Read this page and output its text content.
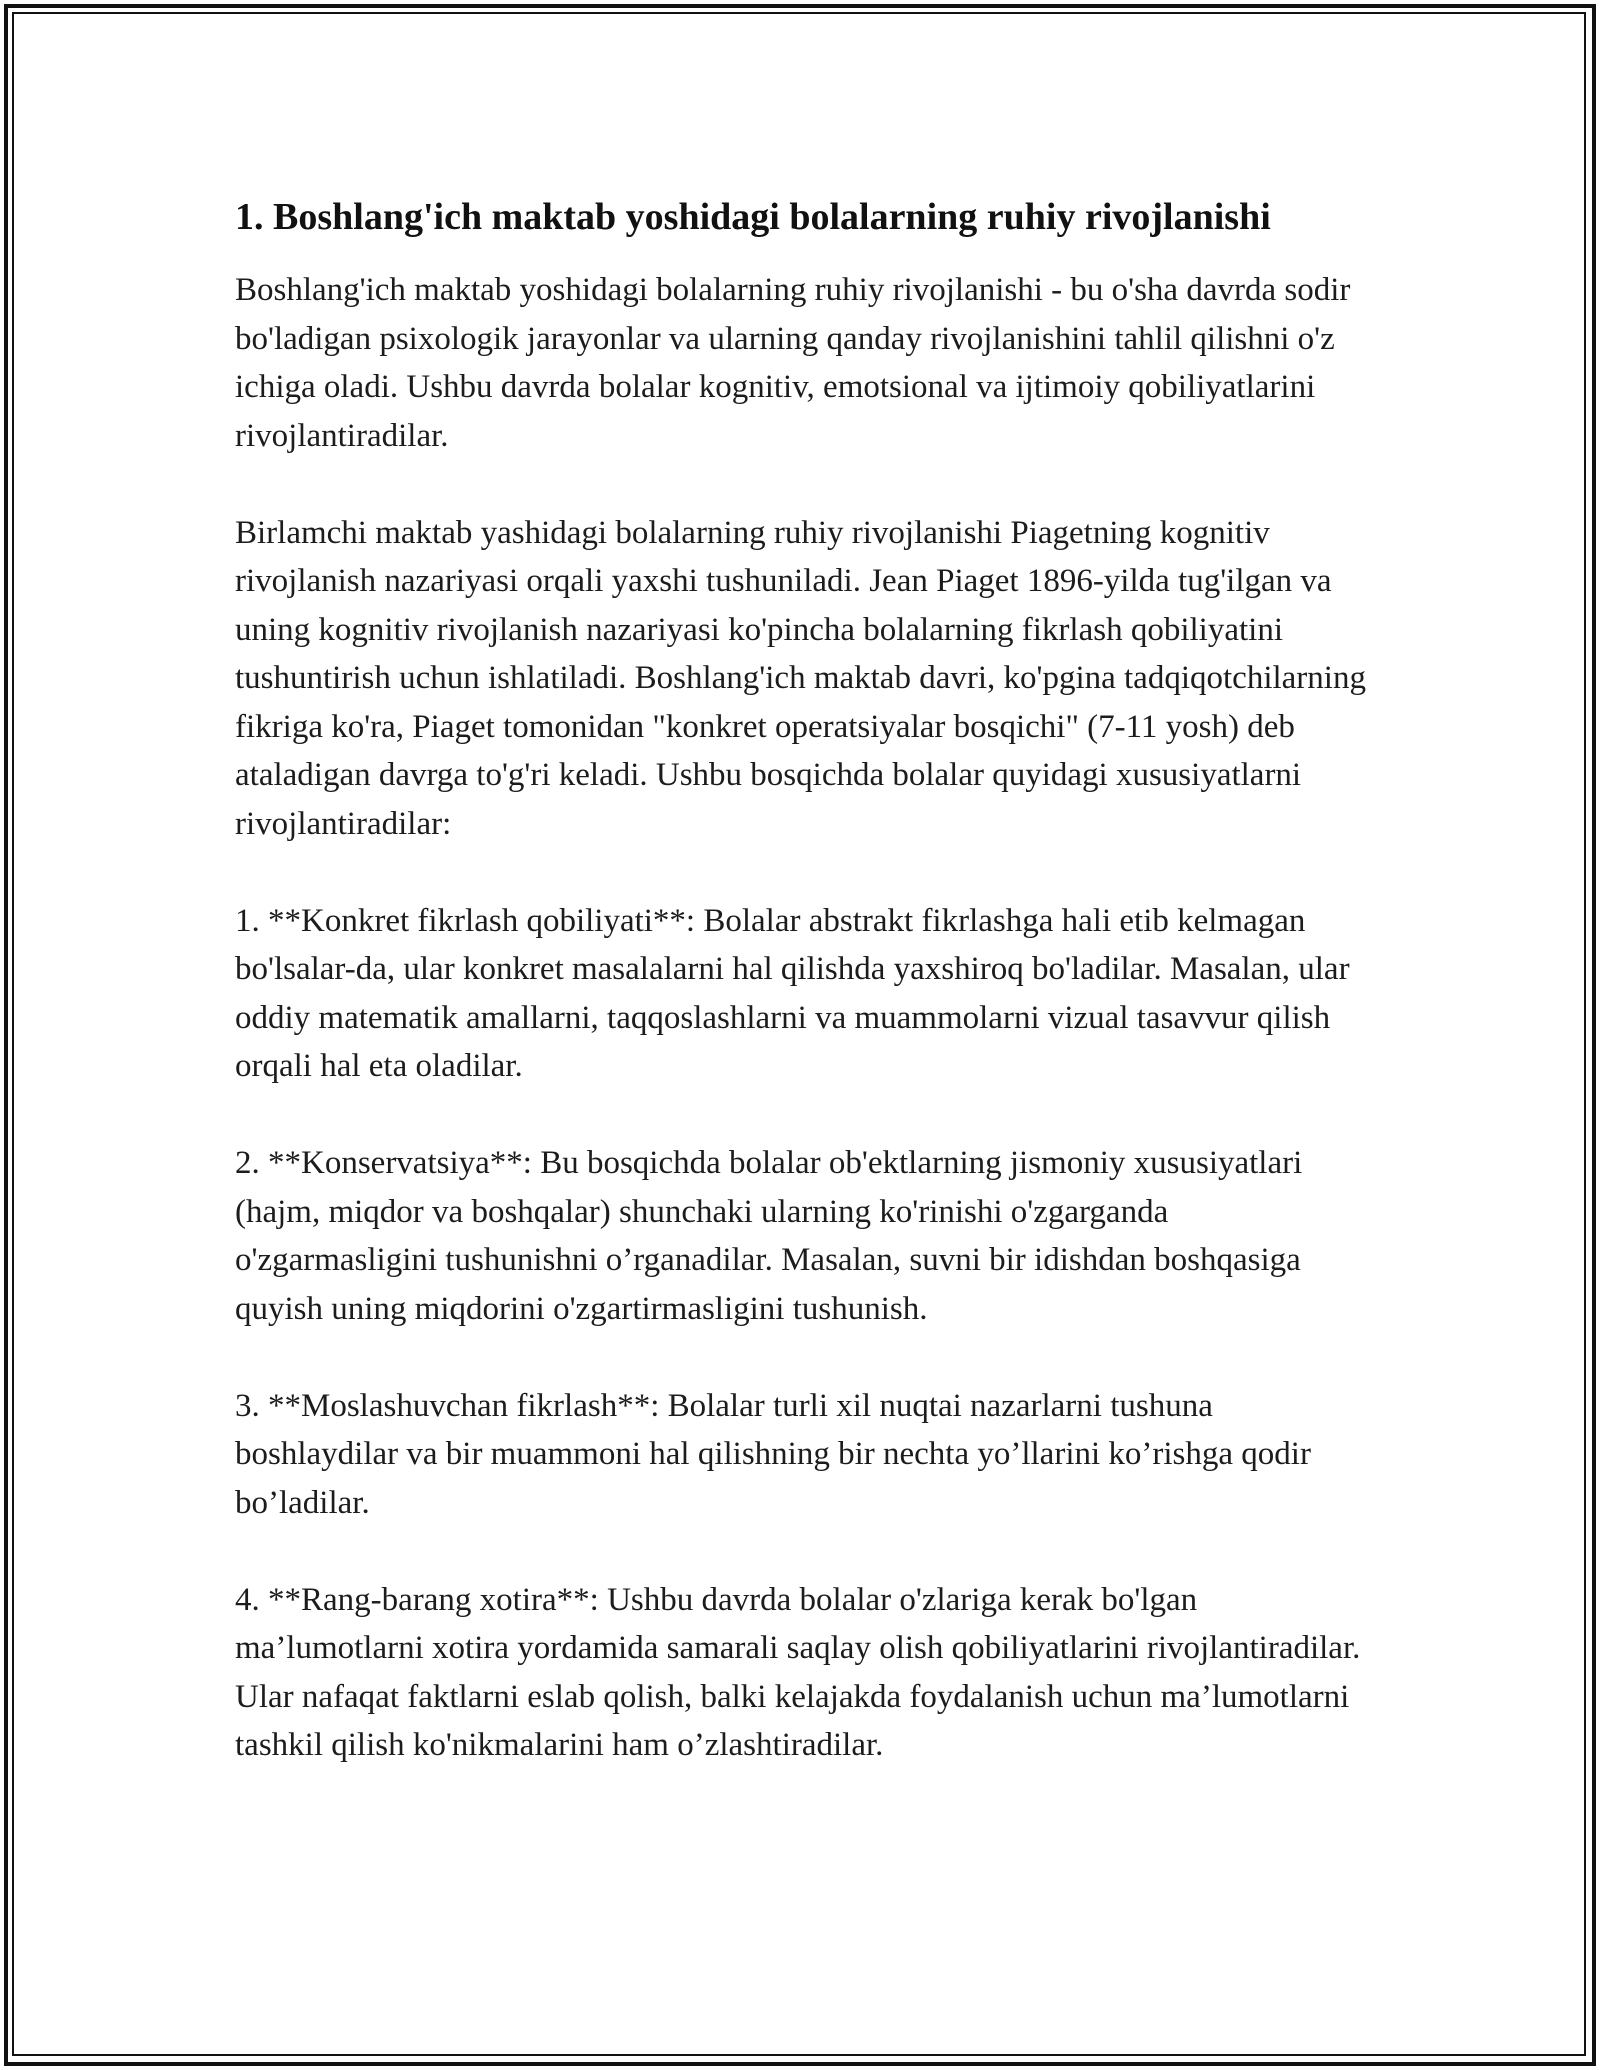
1. Boshlang'ich maktab yoshidagi bolalarning ruhiy rivojlanishi

Boshlang'ich maktab yoshidagi bolalarning ruhiy rivojlanishi - bu o'sha davrda sodir bo'ladigan psixologik jarayonlar va ularning qanday rivojlanishini tahlil qilishni o'z ichiga oladi. Ushbu davrda bolalar kognitiv, emotsional va ijtimoiy qobiliyatlarini rivojlantiradilar.

Birlamchi maktab yashidagi bolalarning ruhiy rivojlanishi Piagetning kognitiv rivojlanish nazariyasi orqali yaxshi tushuniladi. Jean Piaget 1896-yilda tug'ilgan va uning kognitiv rivojlanish nazariyasi ko'pincha bolalarning fikrlash qobiliyatini tushuntirish uchun ishlatiladi. Boshlang'ich maktab davri, ko'pgina tadqiqotchilarning fikriga ko'ra, Piaget tomonidan "konkret operatsiyalar bosqichi" (7-11 yosh) deb ataladigan davrga to'g'ri keladi. Ushbu bosqichda bolalar quyidagi xususiyatlarni rivojlantiradilar:

1. **Konkret fikrlash qobiliyati**: Bolalar abstrakt fikrlashga hali etib kelmagan bo'lsalar-da, ular konkret masalalarni hal qilishda yaxshiroq bo'ladilar. Masalan, ular oddiy matematik amallarni, taqqoslashlarni va muammolarni vizual tasavvur qilish orqali hal eta oladilar.

2. **Konservatsiya**: Bu bosqichda bolalar ob'ektlarning jismoniy xususiyatlari (hajm, miqdor va boshqalar) shunchaki ularning ko'rinishi o'zgarganda o'zgarmasligini tushunishni o’rganadilar. Masalan, suvni bir idishdan boshqasiga quyish uning miqdorini o'zgartirmasligini tushunish.

3. **Moslashuvchan fikrlash**: Bolalar turli xil nuqtai nazarlarni tushuna boshlaydilar va bir muammoni hal qilishning bir nechta yo’llarini ko’rishga qodir bo’ladilar.

4. **Rang-barang xotira**: Ushbu davrda bolalar o'zlariga kerak bo'lgan ma’lumotlarni xotira yordamida samarali saqlay olish qobiliyatlarini rivojlantiradilar. Ular nafaqat faktlarni eslab qolish, balki kelajakda foydalanish uchun ma’lumotlarni tashkil qilish ko'nikmalarini ham o’zlashtiradilar.
